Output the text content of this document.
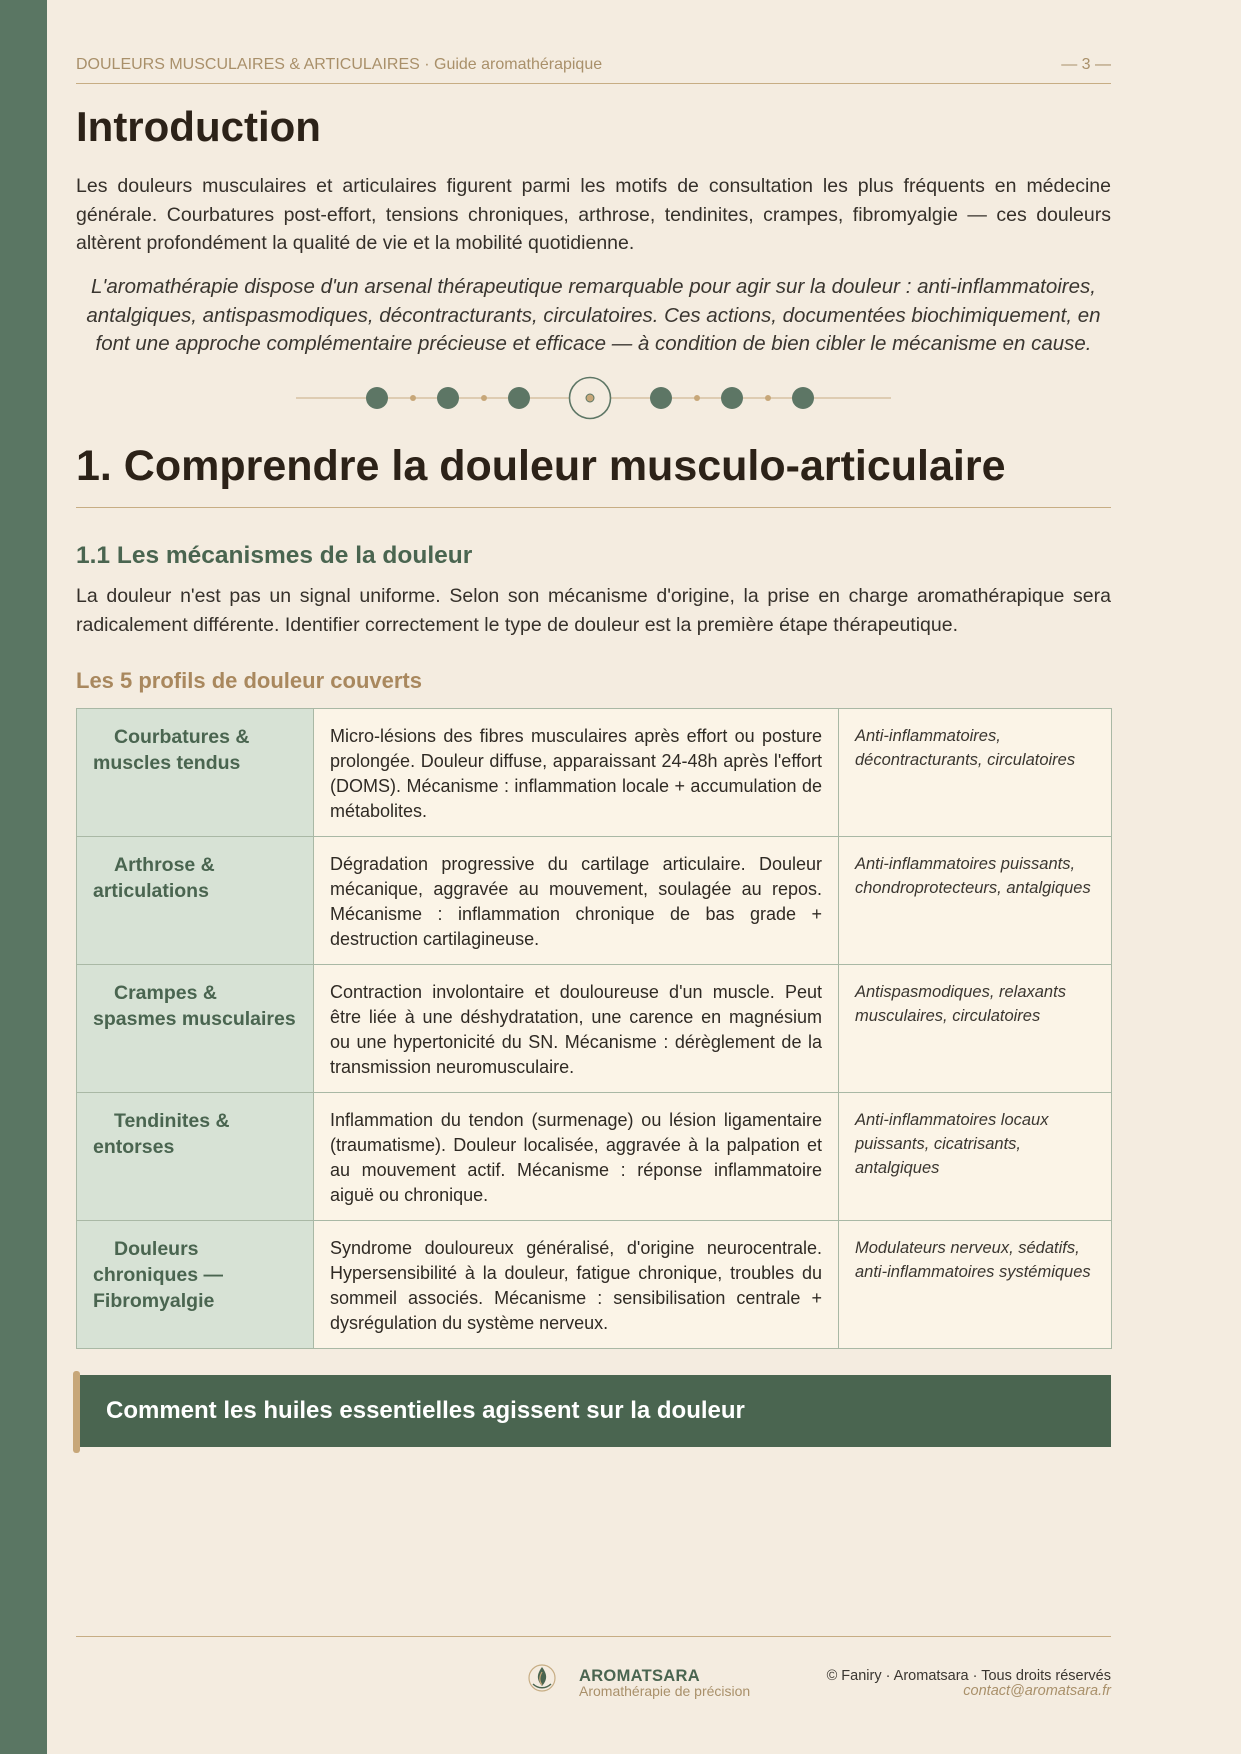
DOULEURS MUSCULAIRES & ARTICULAIRES · Guide aromathérapique	— 3 —
Introduction

Les douleurs musculaires et articulaires figurent parmi les motifs de consultation les plus fréquents en médecine générale. Courbatures post-effort, tensions chroniques, arthrose, tendinites, crampes, fibromyalgie — ces douleurs altèrent profondément la qualité de vie et la mobilité quotidienne.

L'aromathérapie dispose d'un arsenal thérapeutique remarquable pour agir sur la douleur : anti-inflammatoires, antalgiques, antispasmodiques, décontracturants, circulatoires. Ces actions, documentées biochimiquement, en font une approche complémentaire précieuse et efficace — à condition de bien cibler le mécanisme en cause.

1. Comprendre la douleur musculo-articulaire
1.1 Les mécanismes de la douleur

La douleur n'est pas un signal uniforme. Selon son mécanisme d'origine, la prise en charge aromathérapique sera radicalement différente. Identifier correctement le type de douleur est la première étape thérapeutique.

Les 5 profils de douleur couverts
Courbatures & muscles tendus	Micro-lésions des fibres musculaires après effort ou posture prolongée. Douleur diffuse, apparaissant 24-48h après l'effort (DOMS). Mécanisme : inflammation locale + accumulation de métabolites.	Anti-inflammatoires, décontracturants, circulatoires
Arthrose & articulations	Dégradation progressive du cartilage articulaire. Douleur mécanique, aggravée au mouvement, soulagée au repos. Mécanisme : inflammation chronique de bas grade + destruction cartilagineuse.	Anti-inflammatoires puissants, chondroprotecteurs, antalgiques
Crampes & spasmes musculaires	Contraction involontaire et douloureuse d'un muscle. Peut être liée à une déshydratation, une carence en magnésium ou une hypertonicité du SN. Mécanisme : dérèglement de la transmission neuromusculaire.	Antispasmodiques, relaxants musculaires, circulatoires
Tendinites & entorses	Inflammation du tendon (surmenage) ou lésion ligamentaire (traumatisme). Douleur localisée, aggravée à la palpation et au mouvement actif. Mécanisme : réponse inflammatoire aiguë ou chronique.	Anti-inflammatoires locaux puissants, cicatrisants, antalgiques
Douleurs chroniques — Fibromyalgie	Syndrome douloureux généralisé, d'origine neurocentrale. Hypersensibilité à la douleur, fatigue chronique, troubles du sommeil associés. Mécanisme : sensibilisation centrale + dysrégulation du système nerveux.	Modulateurs nerveux, sédatifs, anti-inflammatoires systémiques
Comment les huiles essentielles agissent sur la douleur
AROMATSARA
Aromathérapie de précision
© Faniry · Aromatsara · Tous droits réservés
contact@aromatsara.fr
